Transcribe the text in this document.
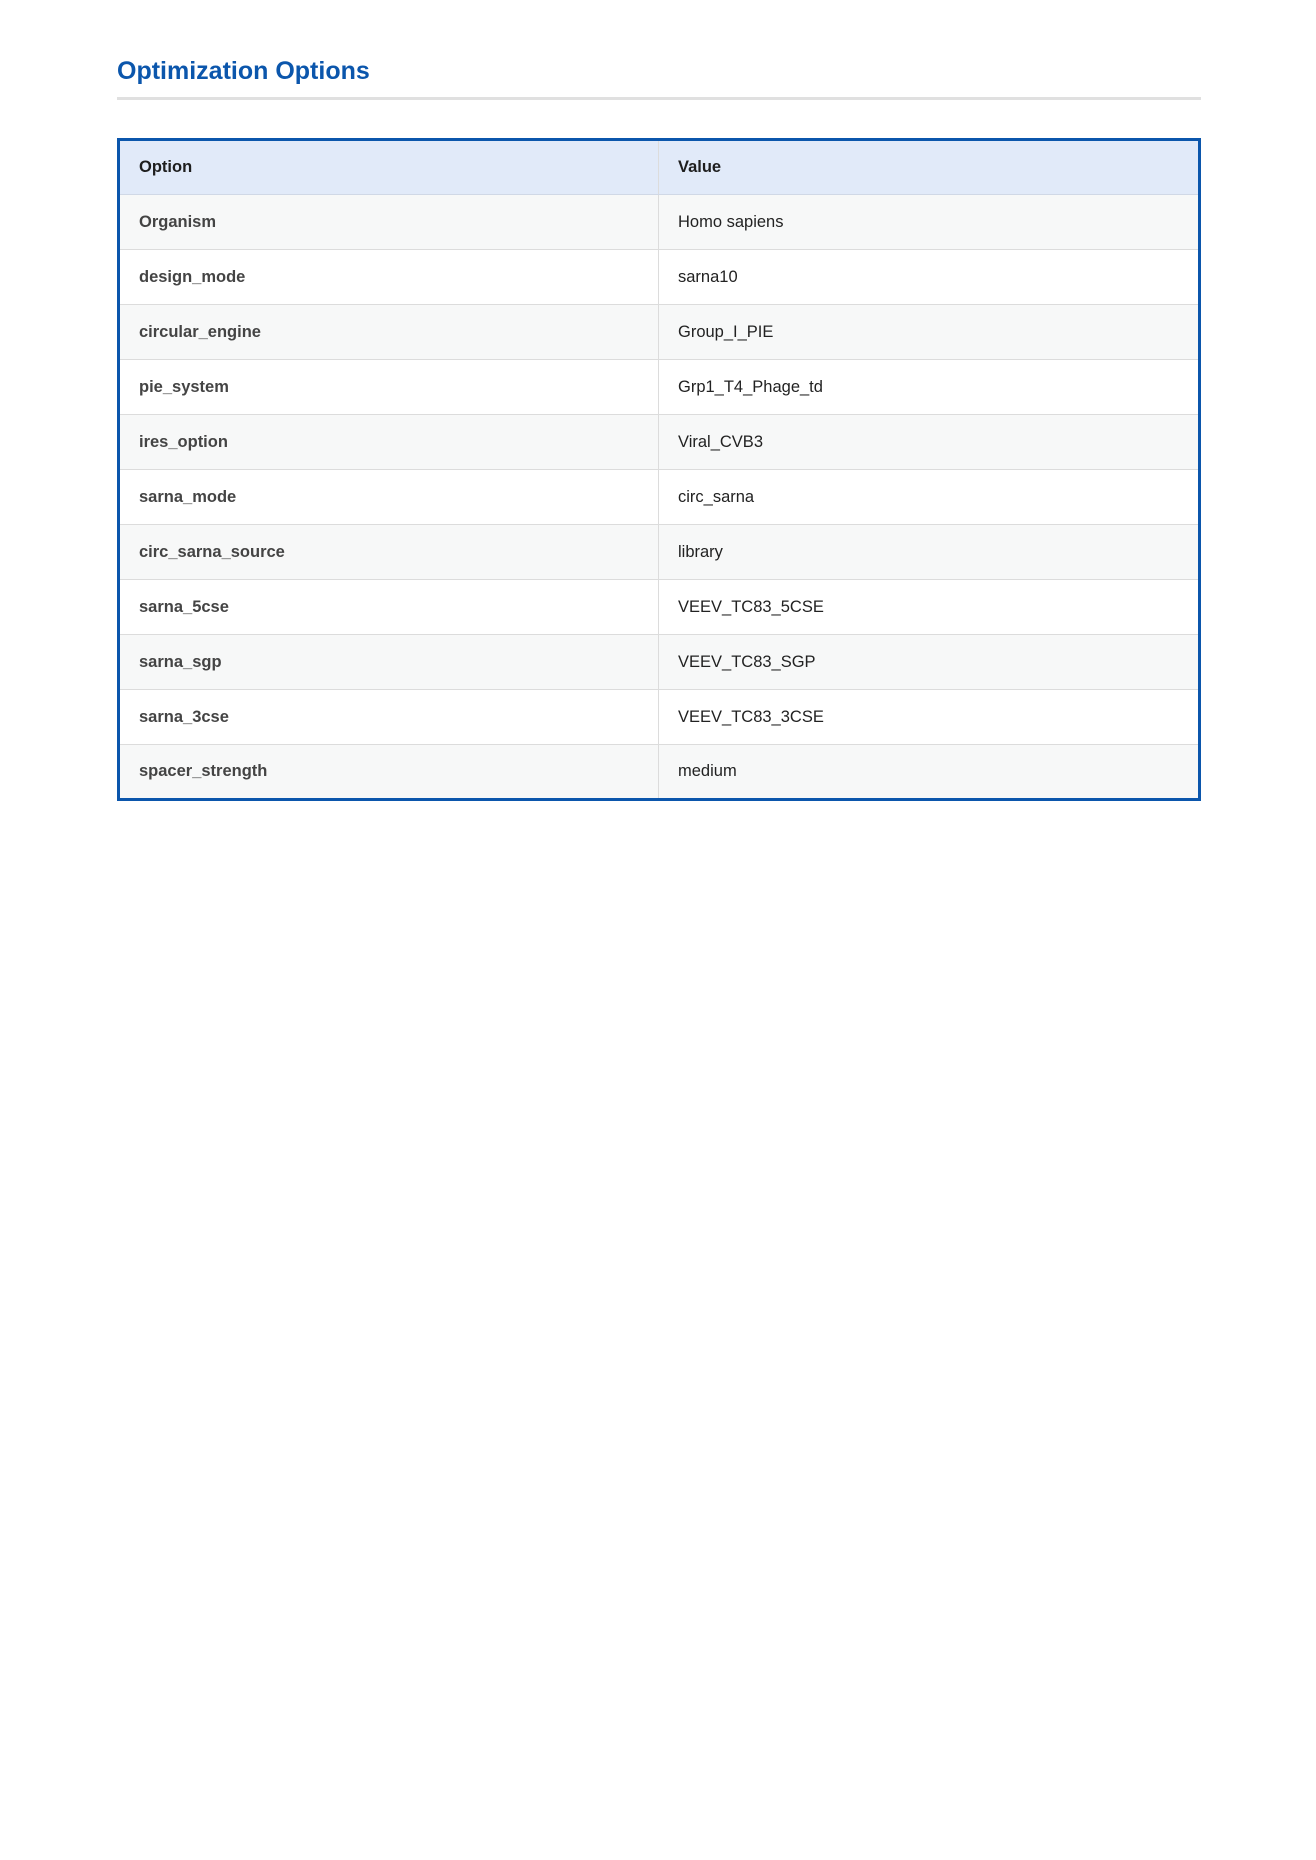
Optimization Options
Option	Value
Organism	Homo sapiens
design_mode	sarna10
circular_engine	Group_I_PIE
pie_system	Grp1_T4_Phage_td
ires_option	Viral_CVB3
sarna_mode	circ_sarna
circ_sarna_source	library
sarna_5cse	VEEV_TC83_5CSE
sarna_sgp	VEEV_TC83_SGP
sarna_3cse	VEEV_TC83_3CSE
spacer_strength	medium
